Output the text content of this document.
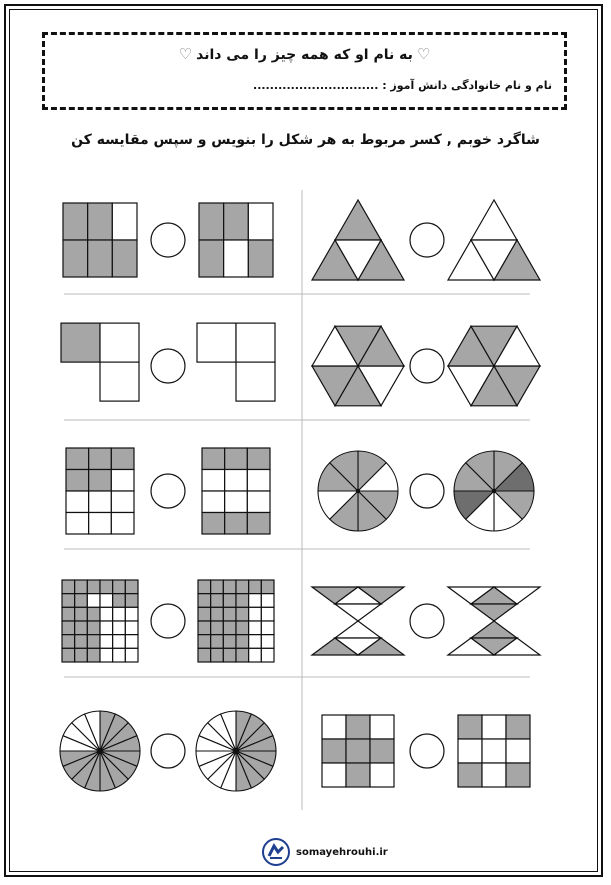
♡به نام او که همه چیز را می داند♡
نام و نام خانوادگی دانش آموز : ..............................
شاگرد خوبم , کسر مربوط به هر شکل را بنویس و سپس مقایسه کن
somayehrouhi.ir
